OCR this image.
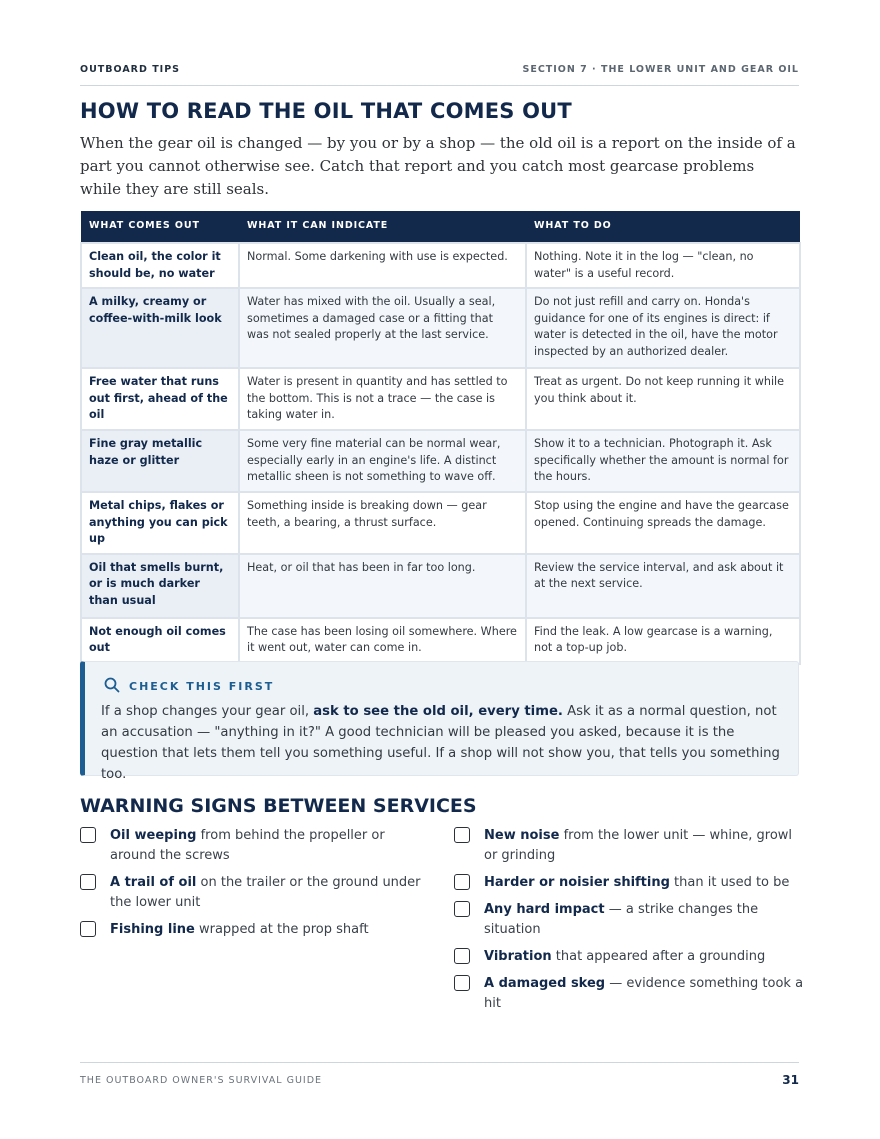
OUTBOARD TIPS	SECTION 7 · THE LOWER UNIT AND GEAR OIL
HOW TO READ THE OIL THAT COMES OUT

When the gear oil is changed — by you or by a shop — the old oil is a report on the inside of a part you cannot otherwise see. Catch that report and you catch most gearcase problems while they are still seals.

WHAT COMES OUT	WHAT IT CAN INDICATE	WHAT TO DO
Clean oil, the color it should be, no water	Normal. Some darkening with use is expected.	Nothing. Note it in the log — "clean, no water" is a useful record.
A milky, creamy or coffee-with-milk look	Water has mixed with the oil. Usually a seal, sometimes a damaged case or a fitting that was not sealed properly at the last service.	Do not just refill and carry on. Honda's guidance for one of its engines is direct: if water is detected in the oil, have the motor inspected by an authorized dealer.
Free water that runs out first, ahead of the oil	Water is present in quantity and has settled to the bottom. This is not a trace — the case is taking water in.	Treat as urgent. Do not keep running it while you think about it.
Fine gray metallic haze or glitter	Some very fine material can be normal wear, especially early in an engine's life. A distinct metallic sheen is not something to wave off.	Show it to a technician. Photograph it. Ask specifically whether the amount is normal for the hours.
Metal chips, flakes or anything you can pick up	Something inside is breaking down — gear teeth, a bearing, a thrust surface.	Stop using the engine and have the gearcase opened. Continuing spreads the damage.
Oil that smells burnt, or is much darker than usual	Heat, or oil that has been in far too long.	Review the service interval, and ask about it at the next service.
Not enough oil comes out	The case has been losing oil somewhere. Where it went out, water can come in.	Find the leak. A low gearcase is a warning, not a top-up job.
CHECK THIS FIRST

If a shop changes your gear oil, ask to see the old oil, every time. Ask it as a normal question, not an accusation — "anything in it?" A good technician will be pleased you asked, because it is the question that lets them tell you something useful. If a shop will not show you, that tells you something too.

WARNING SIGNS BETWEEN SERVICES
Oil weeping from behind the propeller or around the screws
A trail of oil on the trailer or the ground under the lower unit
Fishing line wrapped at the prop shaft
New noise from the lower unit — whine, growl or grinding
Harder or noisier shifting than it used to be
Any hard impact — a strike changes the situation
Vibration that appeared after a grounding
A damaged skeg — evidence something took a hit
THE OUTBOARD OWNER'S SURVIVAL GUIDE	31
